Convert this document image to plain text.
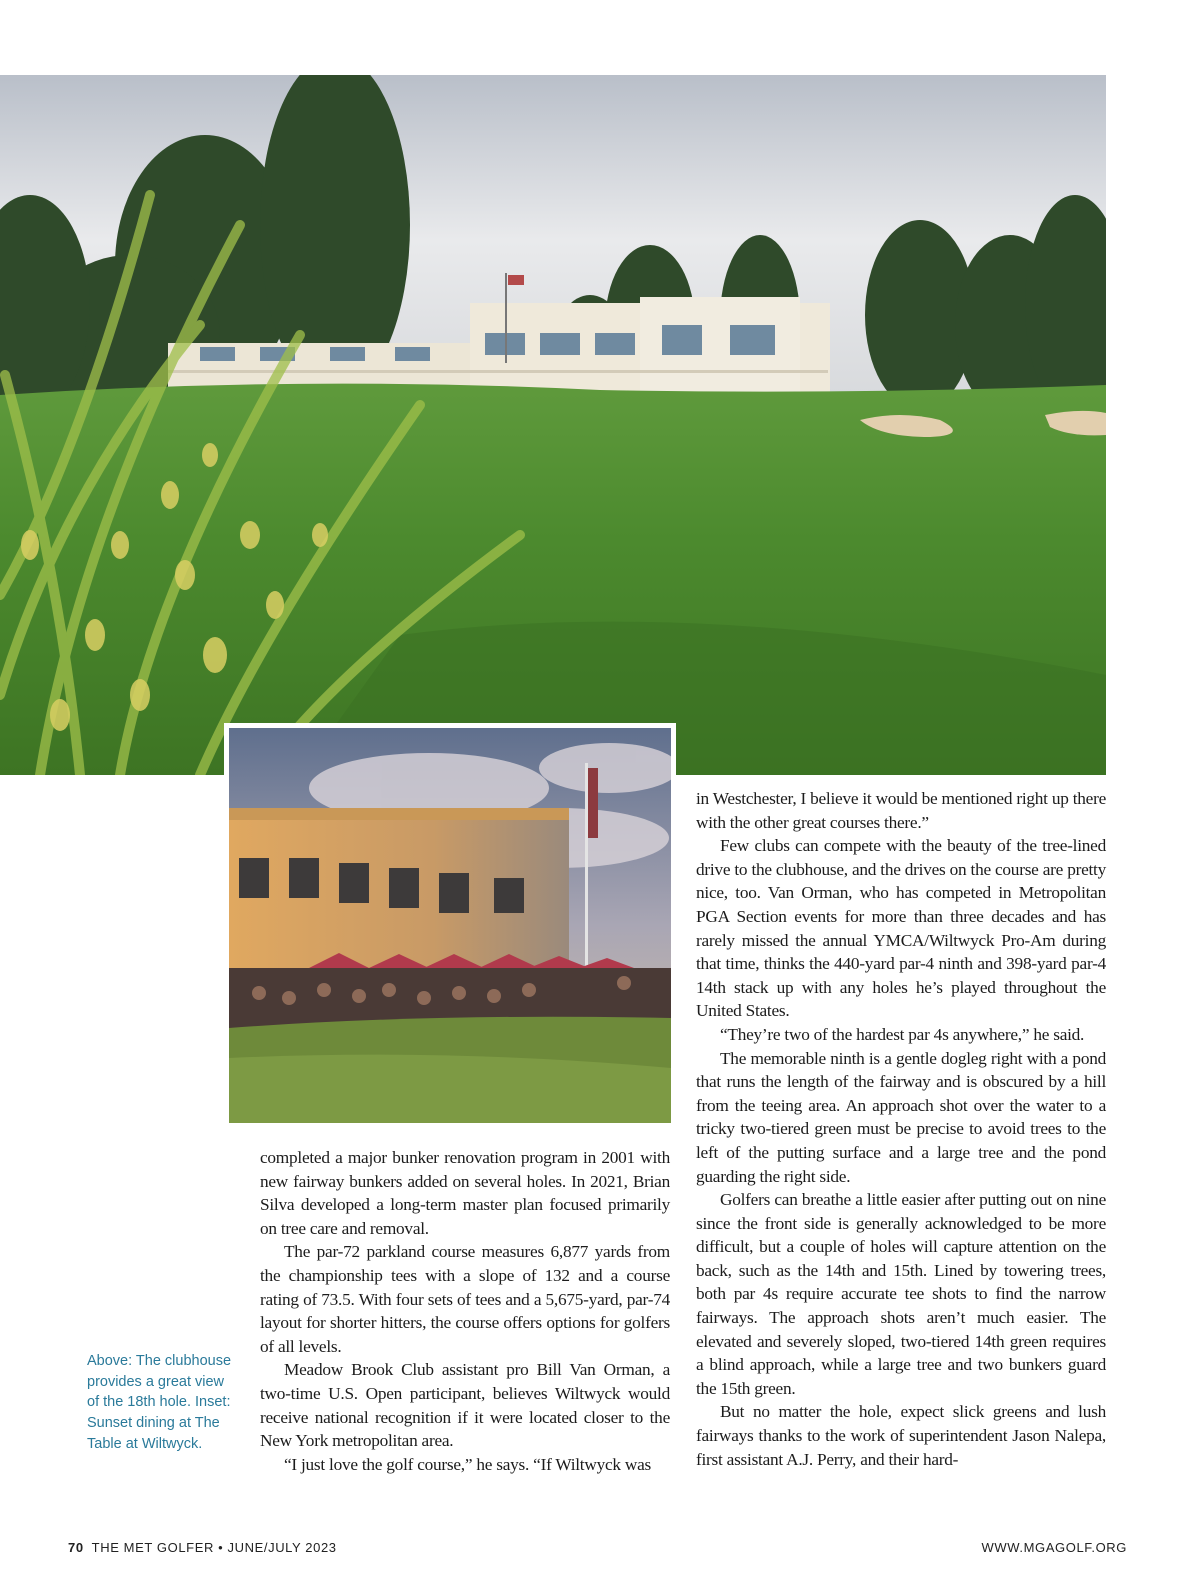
Above: The clubhouse provides a great view of the 18th hole. Inset: Sunset dining at The Table at Wiltwyck.

completed a major bunker renovation program in 2001 with new fairway bunkers added on several holes. In 2021, Brian Silva developed a long-term master plan focused primarily on tree care and removal.

The par-72 parkland course measures 6,877 yards from the championship tees with a slope of 132 and a course rating of 73.5. With four sets of tees and a 5,675-yard, par-74 layout for shorter hitters, the course offers options for golfers of all levels.

Meadow Brook Club assistant pro Bill Van Orman, a two-time U.S. Open participant, believes Wiltwyck would receive national recognition if it were located closer to the New York metropolitan area.

“I just love the golf course,” he says. “If Wiltwyck was

in Westchester, I believe it would be mentioned right up there with the other great courses there.”

Few clubs can compete with the beauty of the tree-lined drive to the clubhouse, and the drives on the course are pretty nice, too. Van Orman, who has competed in Metropolitan PGA Section events for more than three decades and has rarely missed the annual YMCA/Wiltwyck Pro-Am during that time, thinks the 440-yard par-4 ninth and 398-yard par-4 14th stack up with any holes he’s played throughout the United States.

“They’re two of the hardest par 4s anywhere,” he said.

The memorable ninth is a gentle dogleg right with a pond that runs the length of the fairway and is obscured by a hill from the teeing area. An approach shot over the water to a tricky two-tiered green must be precise to avoid trees to the left of the putting surface and a large tree and the pond guarding the right side.

Golfers can breathe a little easier after putting out on nine since the front side is generally acknowledged to be more difficult, but a couple of holes will capture attention on the back, such as the 14th and 15th. Lined by towering trees, both par 4s require accurate tee shots to find the narrow fairways. The approach shots aren’t much easier. The elevated and severely sloped, two-tiered 14th green requires a blind approach, while a large tree and two bunkers guard the 15th green.

But no matter the hole, expect slick greens and lush fairways thanks to the work of superintendent Jason Nalepa, first assistant A.J. Perry, and their hard-

70 THE MET GOLFER • JUNE/JULY 2023	WWW.MGAGOLF.ORG
